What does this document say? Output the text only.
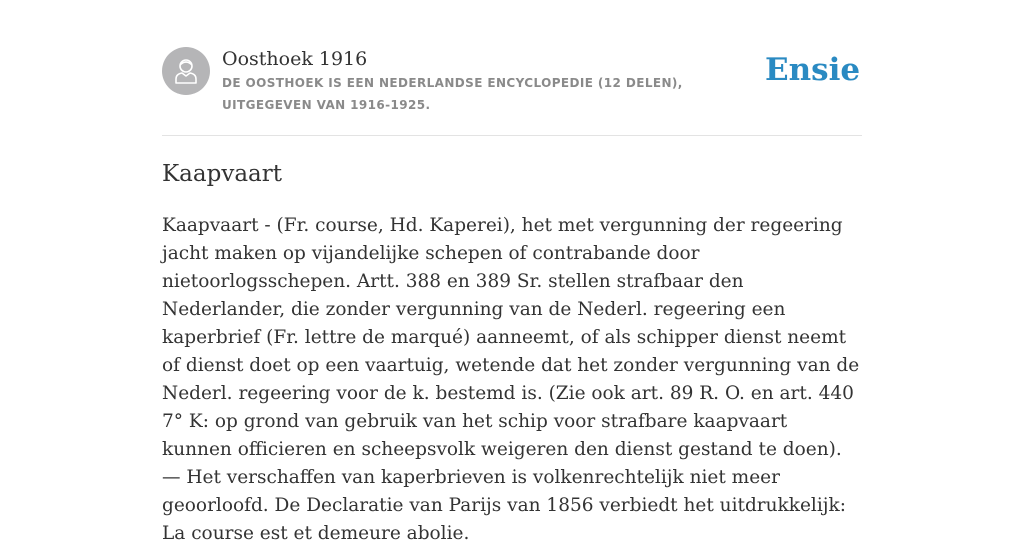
Oosthoek 1916
DE OOSTHOEK IS EEN NEDERLANDSE ENCYCLOPEDIE (12 DELEN), UITGEGEVEN VAN 1916-1925.
Ensie
Kaapvaart

Kaapvaart - (Fr. course, Hd. Kaperei), het met vergunning der regeering jacht maken op vijandelijke schepen of contrabande door nietoorlogsschepen. Artt. 388 en 389 Sr. stellen strafbaar den Nederlander, die zonder vergunning van de Nederl. regeering een kaperbrief (Fr. lettre de marqué) aanneemt, of als schipper dienst neemt of dienst doet op een vaartuig, wetende dat het zonder vergunning van de Nederl. regeering voor de k. bestemd is. (Zie ook art. 89 R. O. en art. 440 7° K: op grond van gebruik van het schip voor strafbare kaapvaart kunnen officieren en scheepsvolk weigeren den dienst gestand te doen). — Het verschaffen van kaperbrieven is volkenrechtelijk niet meer geoorloofd. De Declaratie van Parijs van 1856 verbiedt het uitdrukkelijk: La course est et demeure abolie.
